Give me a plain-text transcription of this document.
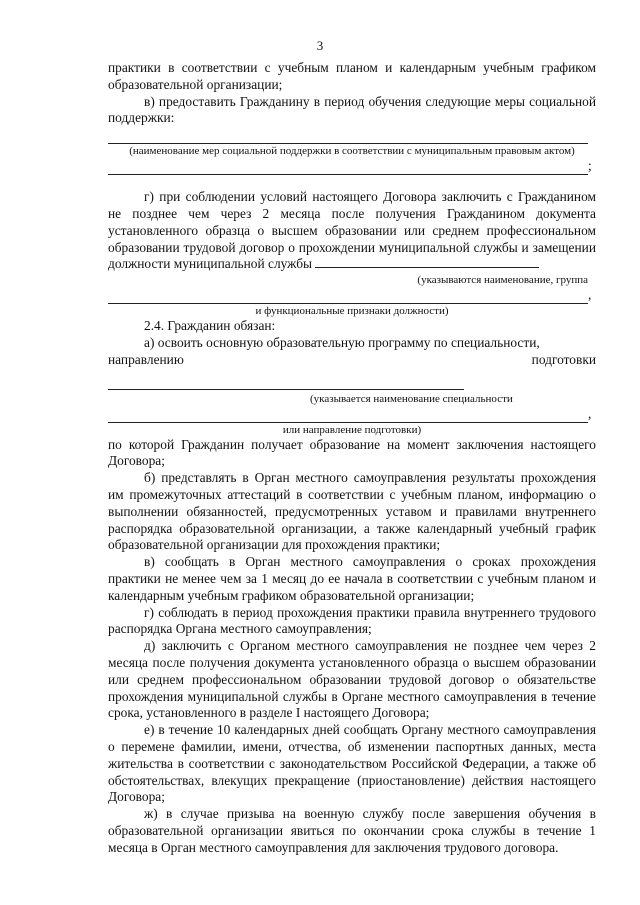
3

практики в соответствии с учебным планом и календарным учебным графиком образовательной организации;

в) предоставить Гражданину в период обучения следующие меры социальной поддержки:

(наименование мер социальной поддержки в соответствии с муниципальным правовым актом)

;

г) при соблюдении условий настоящего Договора заключить с Гражданином не позднее чем через 2 месяца после получения Гражданином документа установленного образца о высшем образовании или среднем профессиональном образовании трудовой договор о прохождении муниципальной службы и замещении должности муниципальной службы

(указываются наименование, группа

,

и функциональные признаки должности)

2.4. Гражданин обязан:

а) освоить основную образовательную программу по специальности,

направлению	подготовки

(указывается наименование специальности

,

или направление подготовки)

по которой Гражданин получает образование на момент заключения настоящего Договора;

б) представлять в Орган местного самоуправления результаты прохождения им промежуточных аттестаций в соответствии с учебным планом, информацию о выполнении обязанностей, предусмотренных уставом и правилами внутреннего распорядка образовательной организации, а также календарный учебный график образовательной организации для прохождения практики;

в) сообщать в Орган местного самоуправления о сроках прохождения практики не менее чем за 1 месяц до ее начала в соответствии с учебным планом и календарным учебным графиком образовательной организации;

г) соблюдать в период прохождения практики правила внутреннего трудового распорядка Органа местного самоуправления;

д) заключить с Органом местного самоуправления не позднее чем через 2 месяца после получения документа установленного образца о высшем образовании или среднем профессиональном образовании трудовой договор о обязательстве прохождения муниципальной службы в Органе местного самоуправления в течение срока, установленного в разделе I настоящего Договора;

е) в течение 10 календарных дней сообщать Органу местного самоуправления о перемене фамилии, имени, отчества, об изменении паспортных данных, места жительства в соответствии с законодательством Российской Федерации, а также об обстоятельствах, влекущих прекращение (приостановление) действия настоящего Договора;

ж) в случае призыва на военную службу после завершения обучения в образовательной организации явиться по окончании срока службы в течение 1 месяца в Орган местного самоуправления для заключения трудового договора.
